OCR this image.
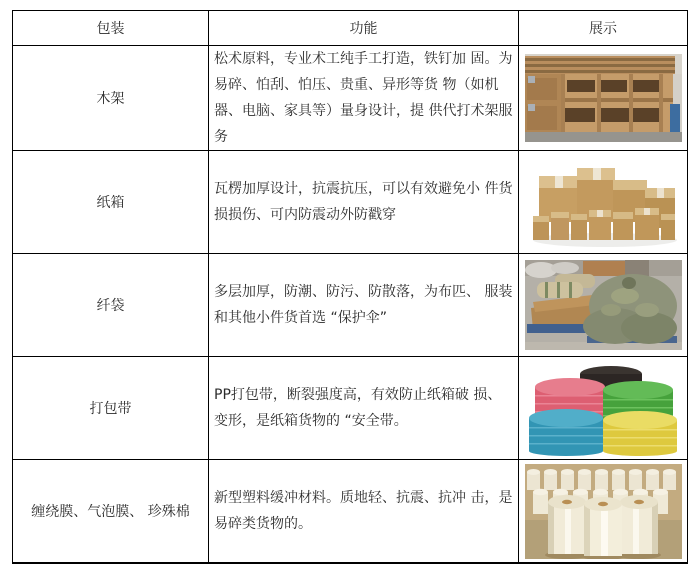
包装	功能	展示
木架	松术原料，专业术工纯手工打造，铁钉加 固。为易碎、怕刮、怕压、贵重、异形等货 物（如机器、电脑、家具等）量身设计，提 供代打术架服务	

纸箱	瓦楞加厚设计，抗震抗压，可以有效避免小 件货损损伤、可内防震动外防戳穿	

纤袋	多层加厚，防潮、防污、防散落，为布匹、 服装和其他小件货首选 “保护伞”	

打包带	PP打包带，断裂强度高，有效防止纸箱破 损、变形，是纸箱货物的 “安全带。	

缠绕膜、气泡膜、 珍殊棉	新型塑料缓冲材料。质地轻、抗震、抗冲 击，是易碎类货物的。	
